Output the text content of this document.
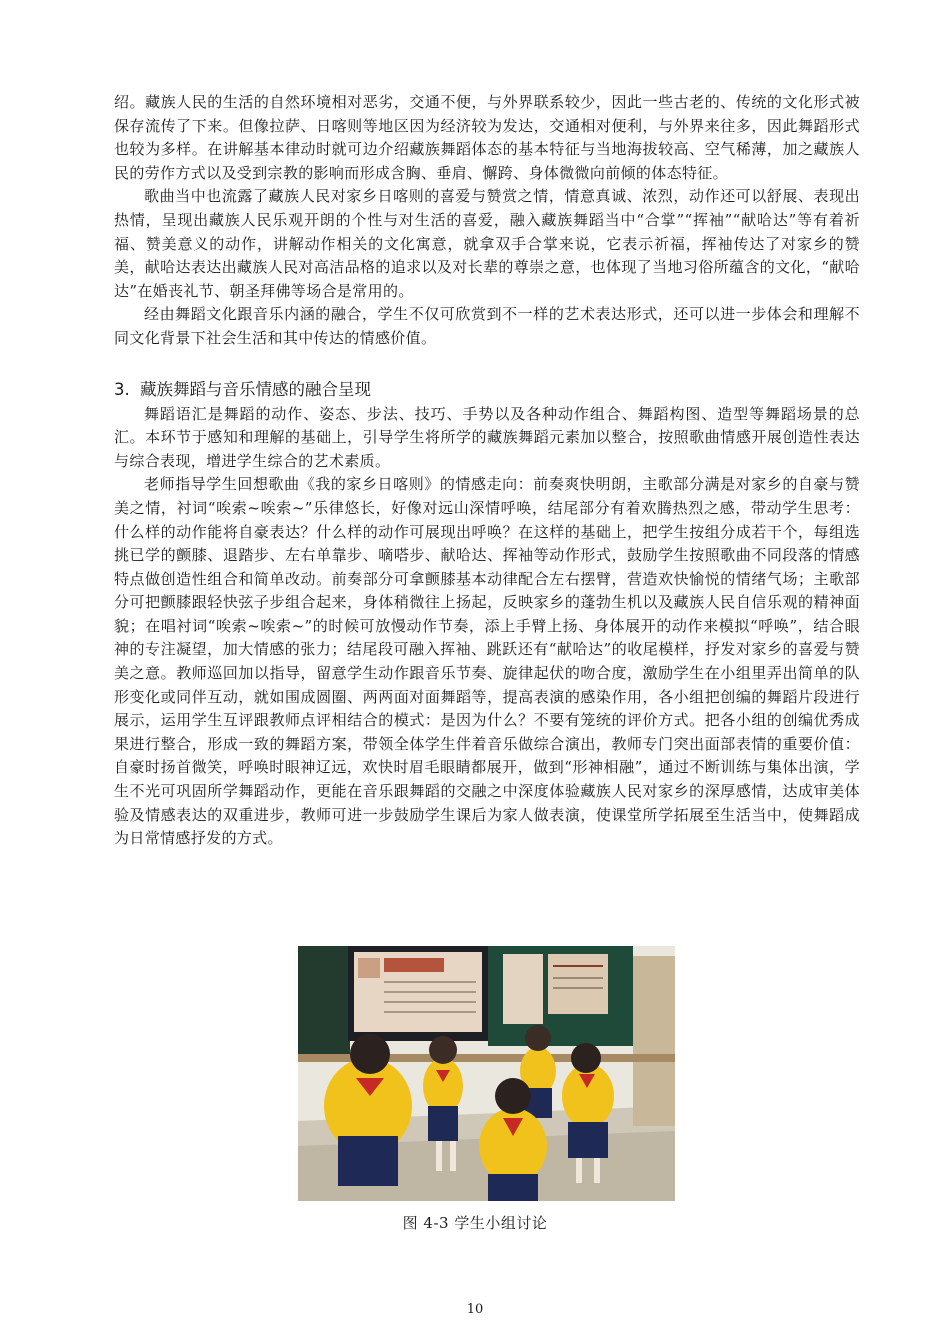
绍。藏族人民的生活的自然环境相对恶劣，交通不便，与外界联系较少，因此一些古老的、传统的文化形式被保存流传了下来。但像拉萨、日喀则等地区因为经济较为发达，交通相对便利，与外界来往多，因此舞蹈形式也较为多样。在讲解基本律动时就可边介绍藏族舞蹈体态的基本特征与当地海拔较高、空气稀薄，加之藏族人民的劳作方式以及受到宗教的影响而形成含胸、垂肩、懈跨、身体微微向前倾的体态特征。

歌曲当中也流露了藏族人民对家乡日喀则的喜爱与赞赏之情，情意真诚、浓烈，动作还可以舒展、表现出热情，呈现出藏族人民乐观开朗的个性与对生活的喜爱，融入藏族舞蹈当中“合掌”“挥袖”“献哈达”等有着祈福、赞美意义的动作，讲解动作相关的文化寓意，就拿双手合掌来说，它表示祈福，挥袖传达了对家乡的赞美，献哈达表达出藏族人民对高洁品格的追求以及对长辈的尊崇之意，也体现了当地习俗所蕴含的文化，“献哈达”在婚丧礼节、朝圣拜佛等场合是常用的。

经由舞蹈文化跟音乐内涵的融合，学生不仅可欣赏到不一样的艺术表达形式，还可以进一步体会和理解不同文化背景下社会生活和其中传达的情感价值。

3. 藏族舞蹈与音乐情感的融合呈现

舞蹈语汇是舞蹈的动作、姿态、步法、技巧、手势以及各种动作组合、舞蹈构图、造型等舞蹈场景的总汇。本环节于感知和理解的基础上，引导学生将所学的藏族舞蹈元素加以整合，按照歌曲情感开展创造性表达与综合表现，增进学生综合的艺术素质。

老师指导学生回想歌曲《我的家乡日喀则》的情感走向：前奏爽快明朗，主歌部分满是对家乡的自豪与赞美之情，衬词“唉索~唉索~”乐律悠长，好像对远山深情呼唤，结尾部分有着欢腾热烈之感，带动学生思考：什么样的动作能将自豪表达？什么样的动作可展现出呼唤？在这样的基础上，把学生按组分成若干个，每组选挑已学的颤膝、退踏步、左右单靠步、嘀嗒步、献哈达、挥袖等动作形式，鼓励学生按照歌曲不同段落的情感特点做创造性组合和简单改动。前奏部分可拿颤膝基本动律配合左右摆臂，营造欢快愉悦的情绪气场；主歌部分可把颤膝跟轻快弦子步组合起来，身体稍微往上扬起，反映家乡的蓬勃生机以及藏族人民自信乐观的精神面貌；在唱衬词“唉索~唉索~”的时候可放慢动作节奏，添上手臂上扬、身体展开的动作来模拟“呼唤”，结合眼神的专注凝望，加大情感的张力；结尾段可融入挥袖、跳跃还有“献哈达”的收尾模样，抒发对家乡的喜爱与赞美之意。教师巡回加以指导，留意学生动作跟音乐节奏、旋律起伏的吻合度，激励学生在小组里弄出简单的队形变化或同伴互动，就如围成圆圈、两两面对面舞蹈等，提高表演的感染作用，各小组把创编的舞蹈片段进行展示，运用学生互评跟教师点评相结合的模式：是因为什么？不要有笼统的评价方式。把各小组的创编优秀成果进行整合，形成一致的舞蹈方案，带领全体学生伴着音乐做综合演出，教师专门突出面部表情的重要价值：自豪时扬首微笑，呼唤时眼神辽远，欢快时眉毛眼睛都展开，做到“形神相融”，通过不断训练与集体出演，学生不光可巩固所学舞蹈动作，更能在音乐跟舞蹈的交融之中深度体验藏族人民对家乡的深厚感情，达成审美体验及情感表达的双重进步，教师可进一步鼓励学生课后为家人做表演，使课堂所学拓展至生活当中，使舞蹈成为日常情感抒发的方式。

图 4-3 学生小组讨论
10
